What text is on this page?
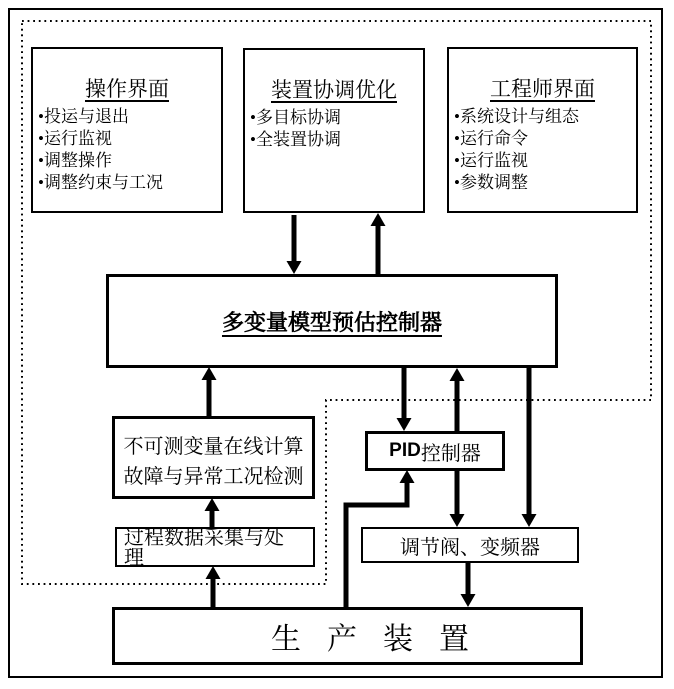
操作界面
•投运与退出
•运行监视
•调整操作
•调整约束与工况
装置协调优化
•多目标协调
•全装置协调
工程师界面
•系统设计与组态
•运行命令
•运行监视
•参数调整
多变量模型预估控制器
不可测变量在线计算
故障与异常工况检测
过程数据采集与处理
PID 控制器
调节阀、变频器
生产装置
